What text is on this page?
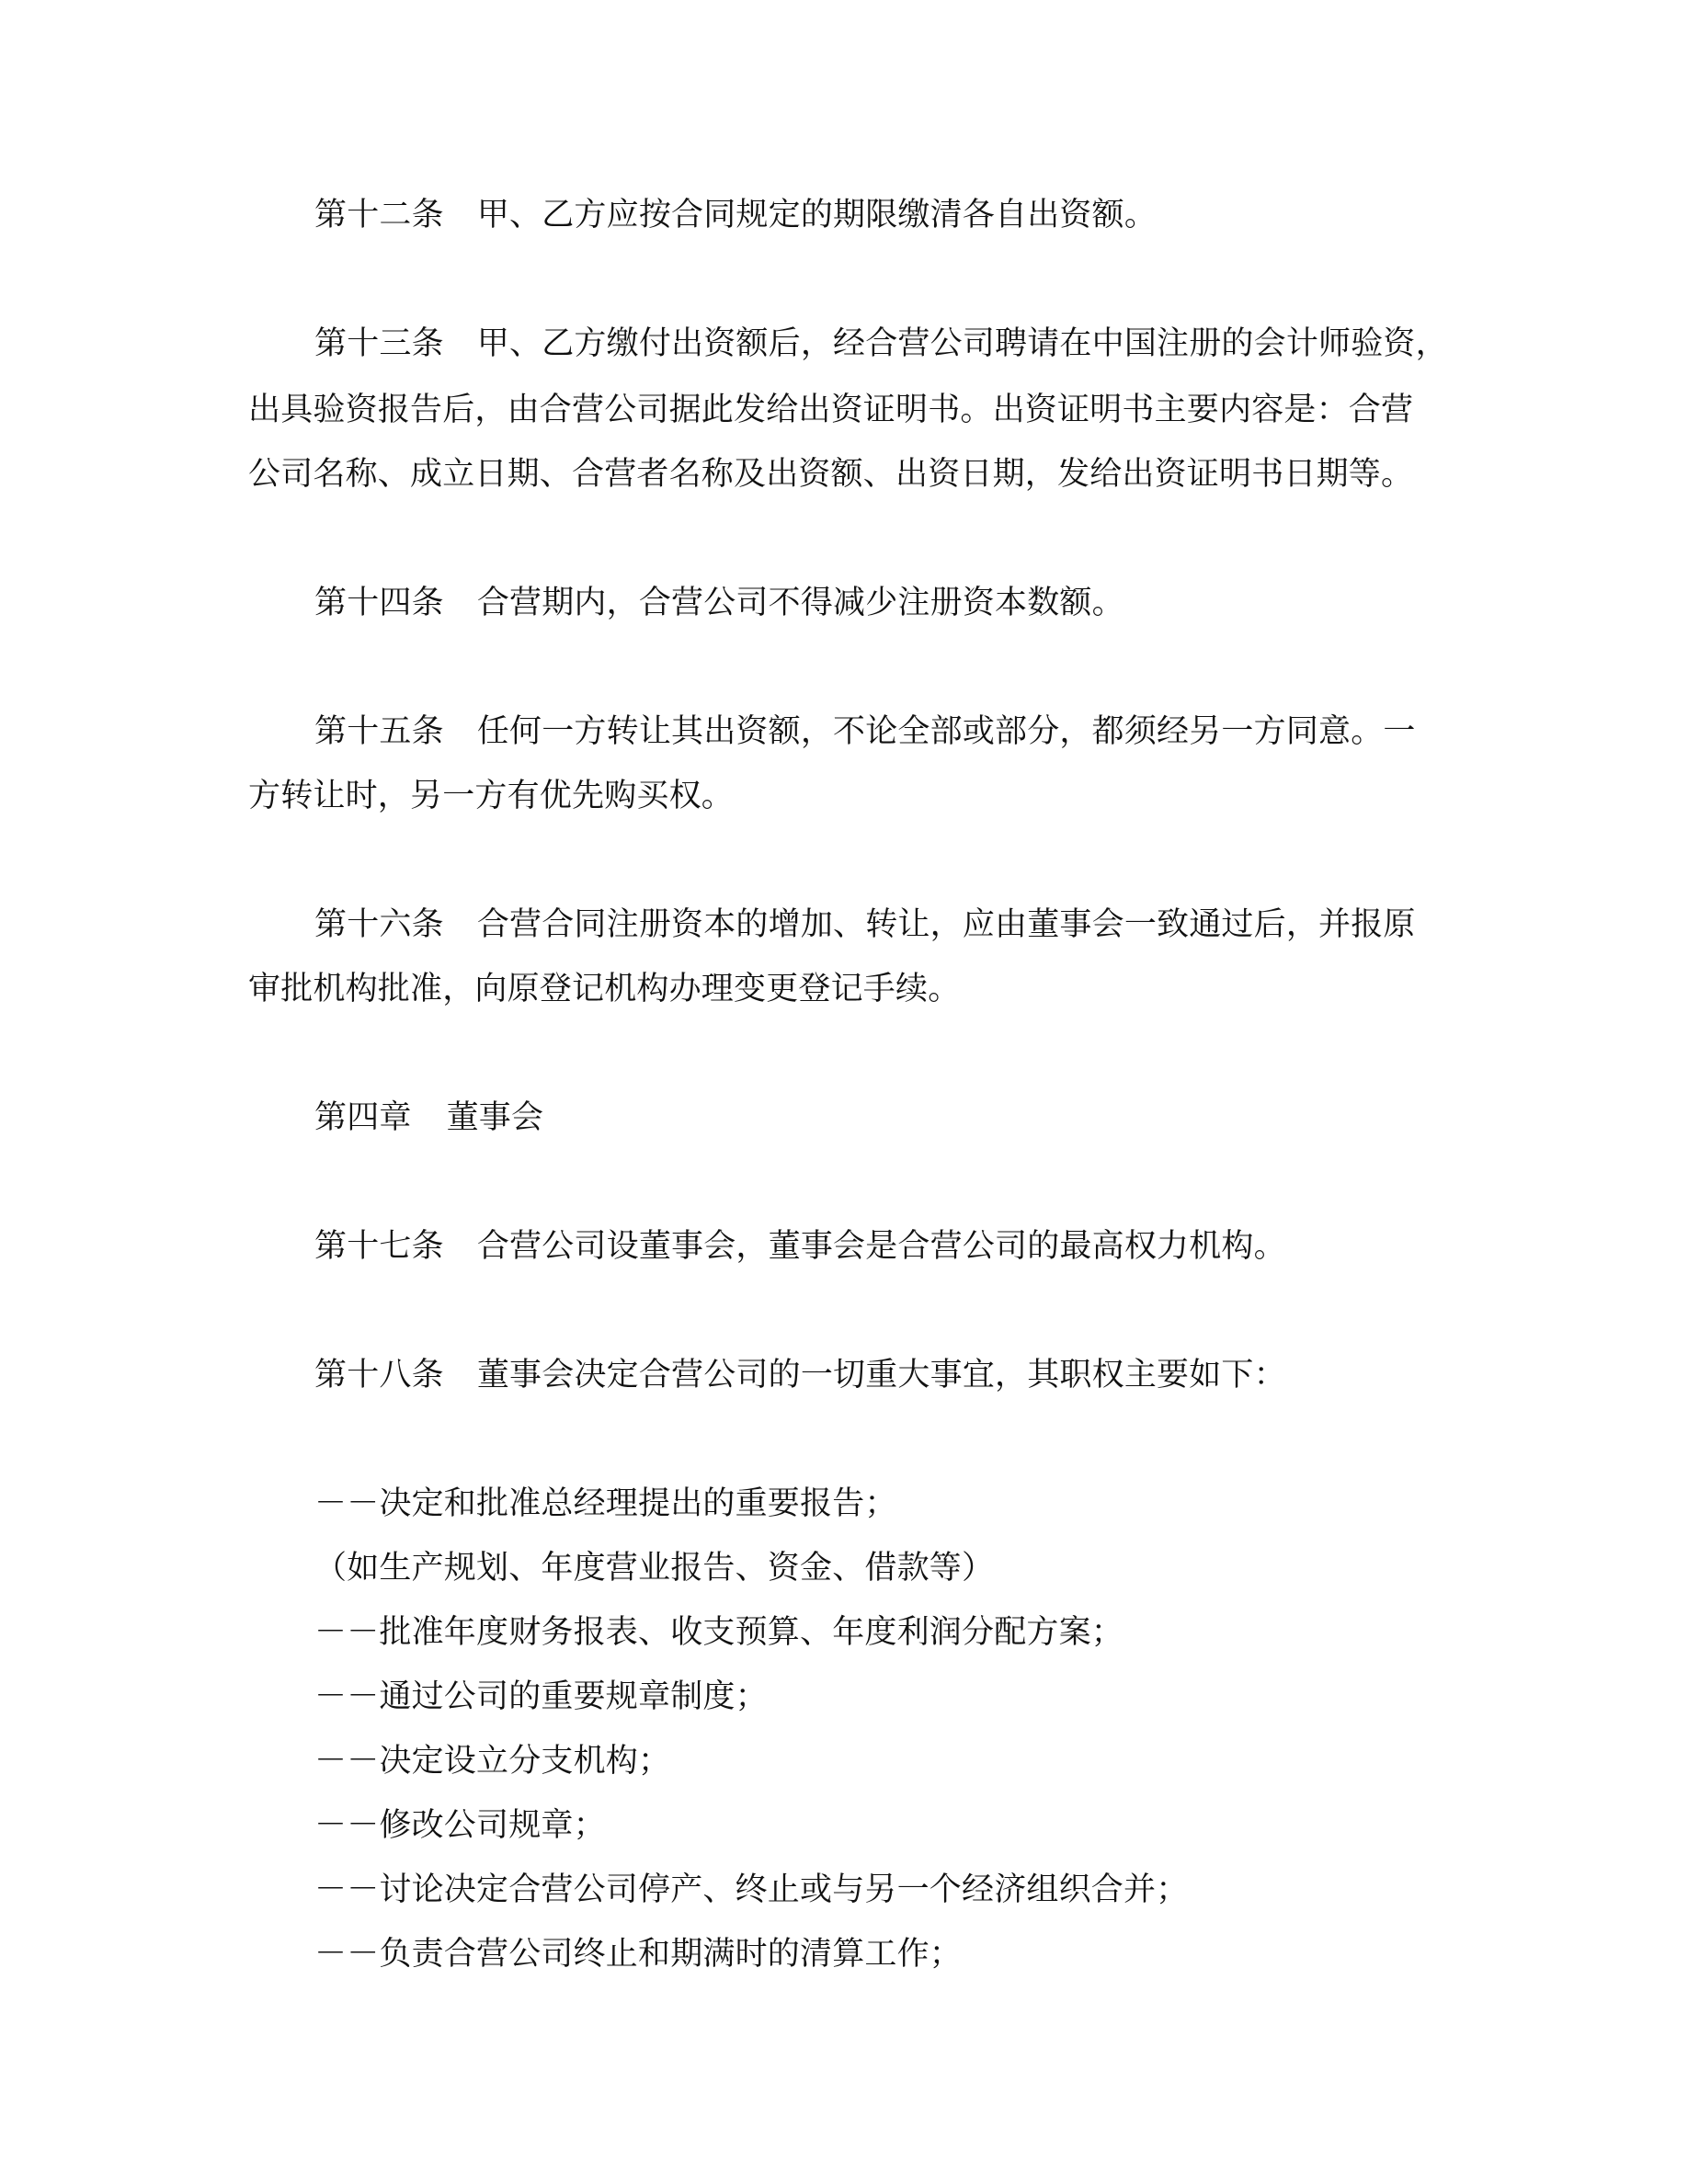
第十二条 甲、乙方应按合同规定的期限缴清各自出资额。

第十三条 甲、乙方缴付出资额后，经合营公司聘请在中国注册的会计师验资，

出具验资报告后，由合营公司据此发给出资证明书。出资证明书主要内容是：合营

公司名称、成立日期、合营者名称及出资额、出资日期，发给出资证明书日期等。

第十四条 合营期内，合营公司不得减少注册资本数额。

第十五条 任何一方转让其出资额，不论全部或部分，都须经另一方同意。一

方转让时，另一方有优先购买权。

第十六条 合营合同注册资本的增加、转让，应由董事会一致通过后，并报原

审批机构批准，向原登记机构办理变更登记手续。

第四章 董事会

第十七条 合营公司设董事会，董事会是合营公司的最高权力机构。

第十八条 董事会决定合营公司的一切重大事宜，其职权主要如下：

－－决定和批准总经理提出的重要报告；

（如生产规划、年度营业报告、资金、借款等）

－－批准年度财务报表、收支预算、年度利润分配方案；

－－通过公司的重要规章制度；

－－决定设立分支机构；

－－修改公司规章；

－－讨论决定合营公司停产、终止或与另一个经济组织合并；

－－负责合营公司终止和期满时的清算工作；
